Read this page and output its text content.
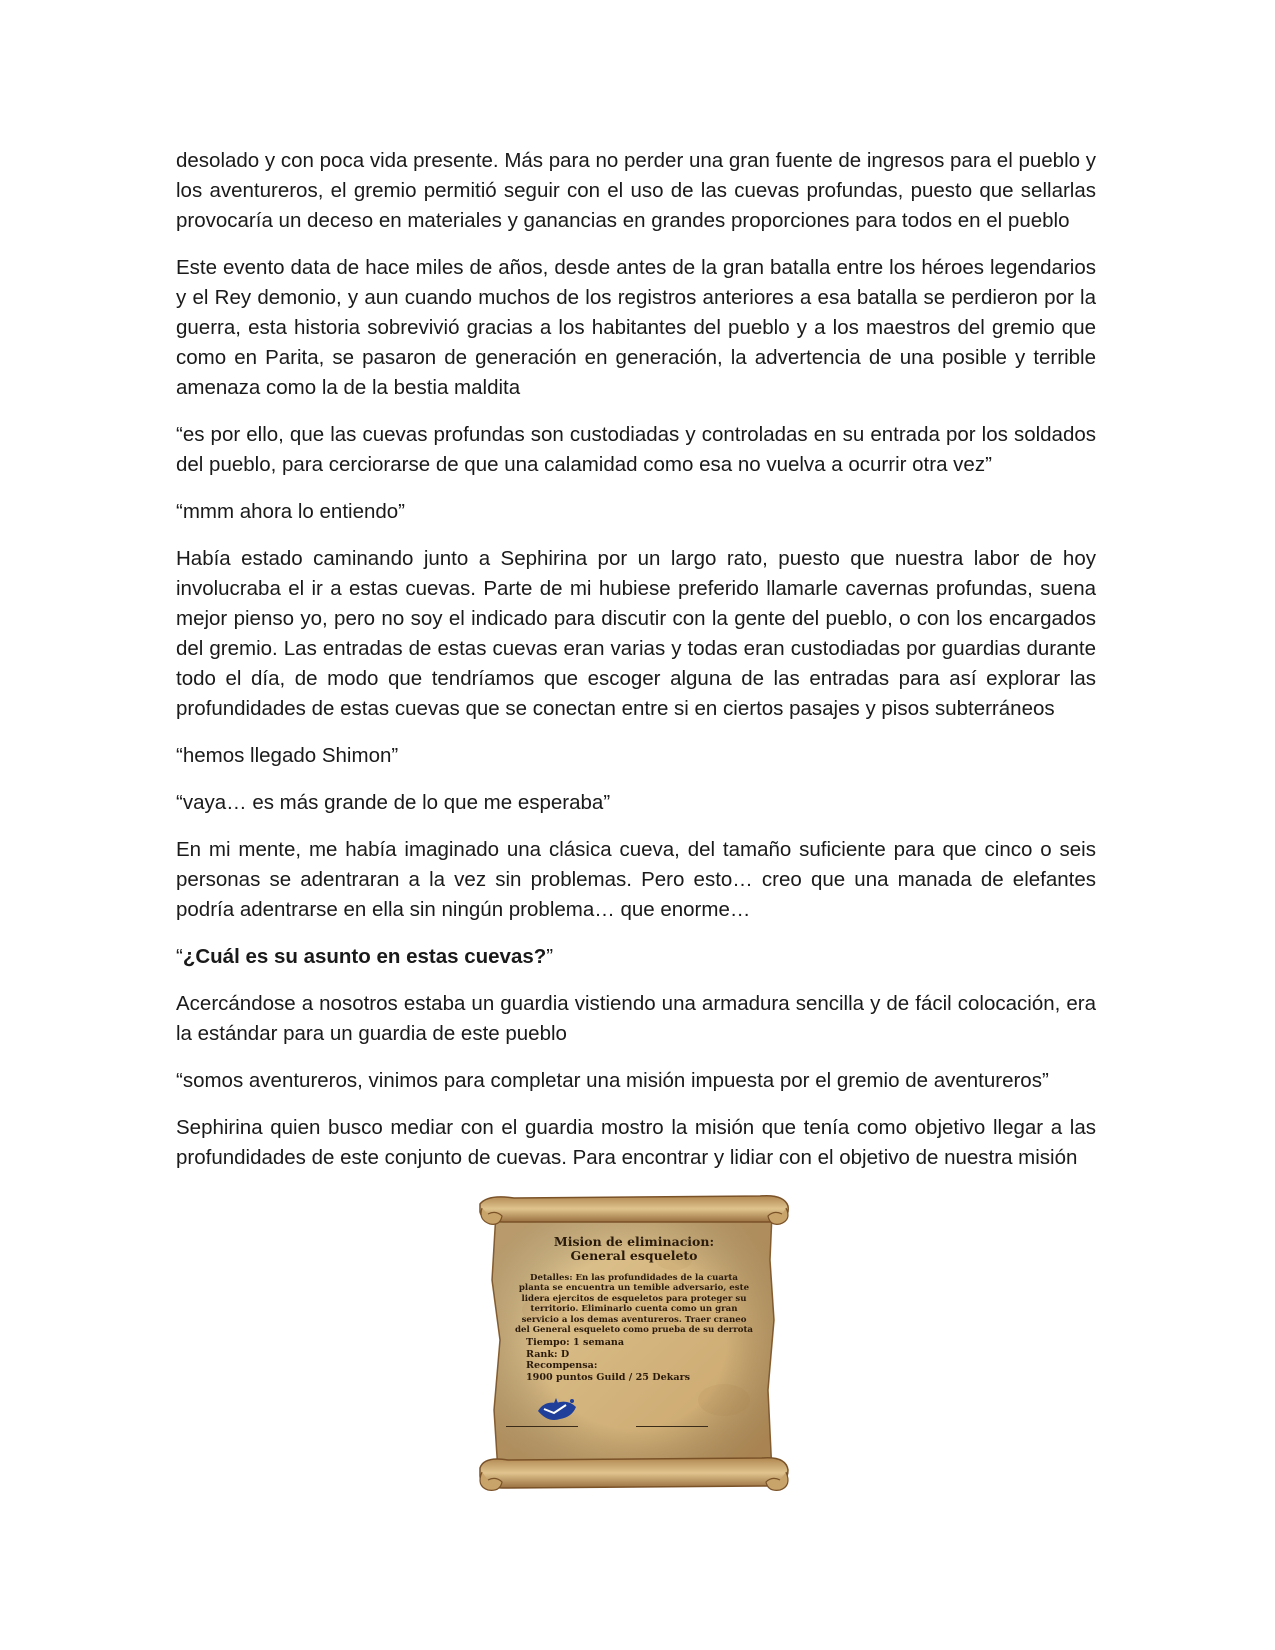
desolado y con poca vida presente. Más para no perder una gran fuente de ingresos para el pueblo y los aventureros, el gremio permitió seguir con el uso de las cuevas profundas, puesto que sellarlas provocaría un deceso en materiales y ganancias en grandes proporciones para todos en el pueblo

Este evento data de hace miles de años, desde antes de la gran batalla entre los héroes legendarios y el Rey demonio, y aun cuando muchos de los registros anteriores a esa batalla se perdieron por la guerra, esta historia sobrevivió gracias a los habitantes del pueblo y a los maestros del gremio que como en Parita, se pasaron de generación en generación, la advertencia de una posible y terrible amenaza como la de la bestia maldita

“es por ello, que las cuevas profundas son custodiadas y controladas en su entrada por los soldados del pueblo, para cerciorarse de que una calamidad como esa no vuelva a ocurrir otra vez”

“mmm ahora lo entiendo”

Había estado caminando junto a Sephirina por un largo rato, puesto que nuestra labor de hoy involucraba el ir a estas cuevas. Parte de mi hubiese preferido llamarle cavernas profundas, suena mejor pienso yo, pero no soy el indicado para discutir con la gente del pueblo, o con los encargados del gremio. Las entradas de estas cuevas eran varias y todas eran custodiadas por guardias durante todo el día, de modo que tendríamos que escoger alguna de las entradas para así explorar las profundidades de estas cuevas que se conectan entre si en ciertos pasajes y pisos subterráneos

“hemos llegado Shimon”

“vaya… es más grande de lo que me esperaba”

En mi mente, me había imaginado una clásica cueva, del tamaño suficiente para que cinco o seis personas se adentraran a la vez sin problemas. Pero esto… creo que una manada de elefantes podría adentrarse en ella sin ningún problema… que enorme…

“¿Cuál es su asunto en estas cuevas?”

Acercándose a nosotros estaba un guardia vistiendo una armadura sencilla y de fácil colocación, era la estándar para un guardia de este pueblo

“somos aventureros, vinimos para completar una misión impuesta por el gremio de aventureros”

Sephirina quien busco mediar con el guardia mostro la misión que tenía como objetivo llegar a las profundidades de este conjunto de cuevas. Para encontrar y lidiar con el objetivo de nuestra misión

Mision de eliminacion:

General esqueleto

Detalles: En las profundidades de la cuarta planta se encuentra un temible adversario, este lidera ejercitos de esqueletos para proteger su territorio. Eliminarlo cuenta como un gran servicio a los demas aventureros. Traer craneo del General esqueleto como prueba de su derrota

Tiempo: 1 semana

Rank: D

Recompensa:

1900 puntos Guild / 25 Dekars
